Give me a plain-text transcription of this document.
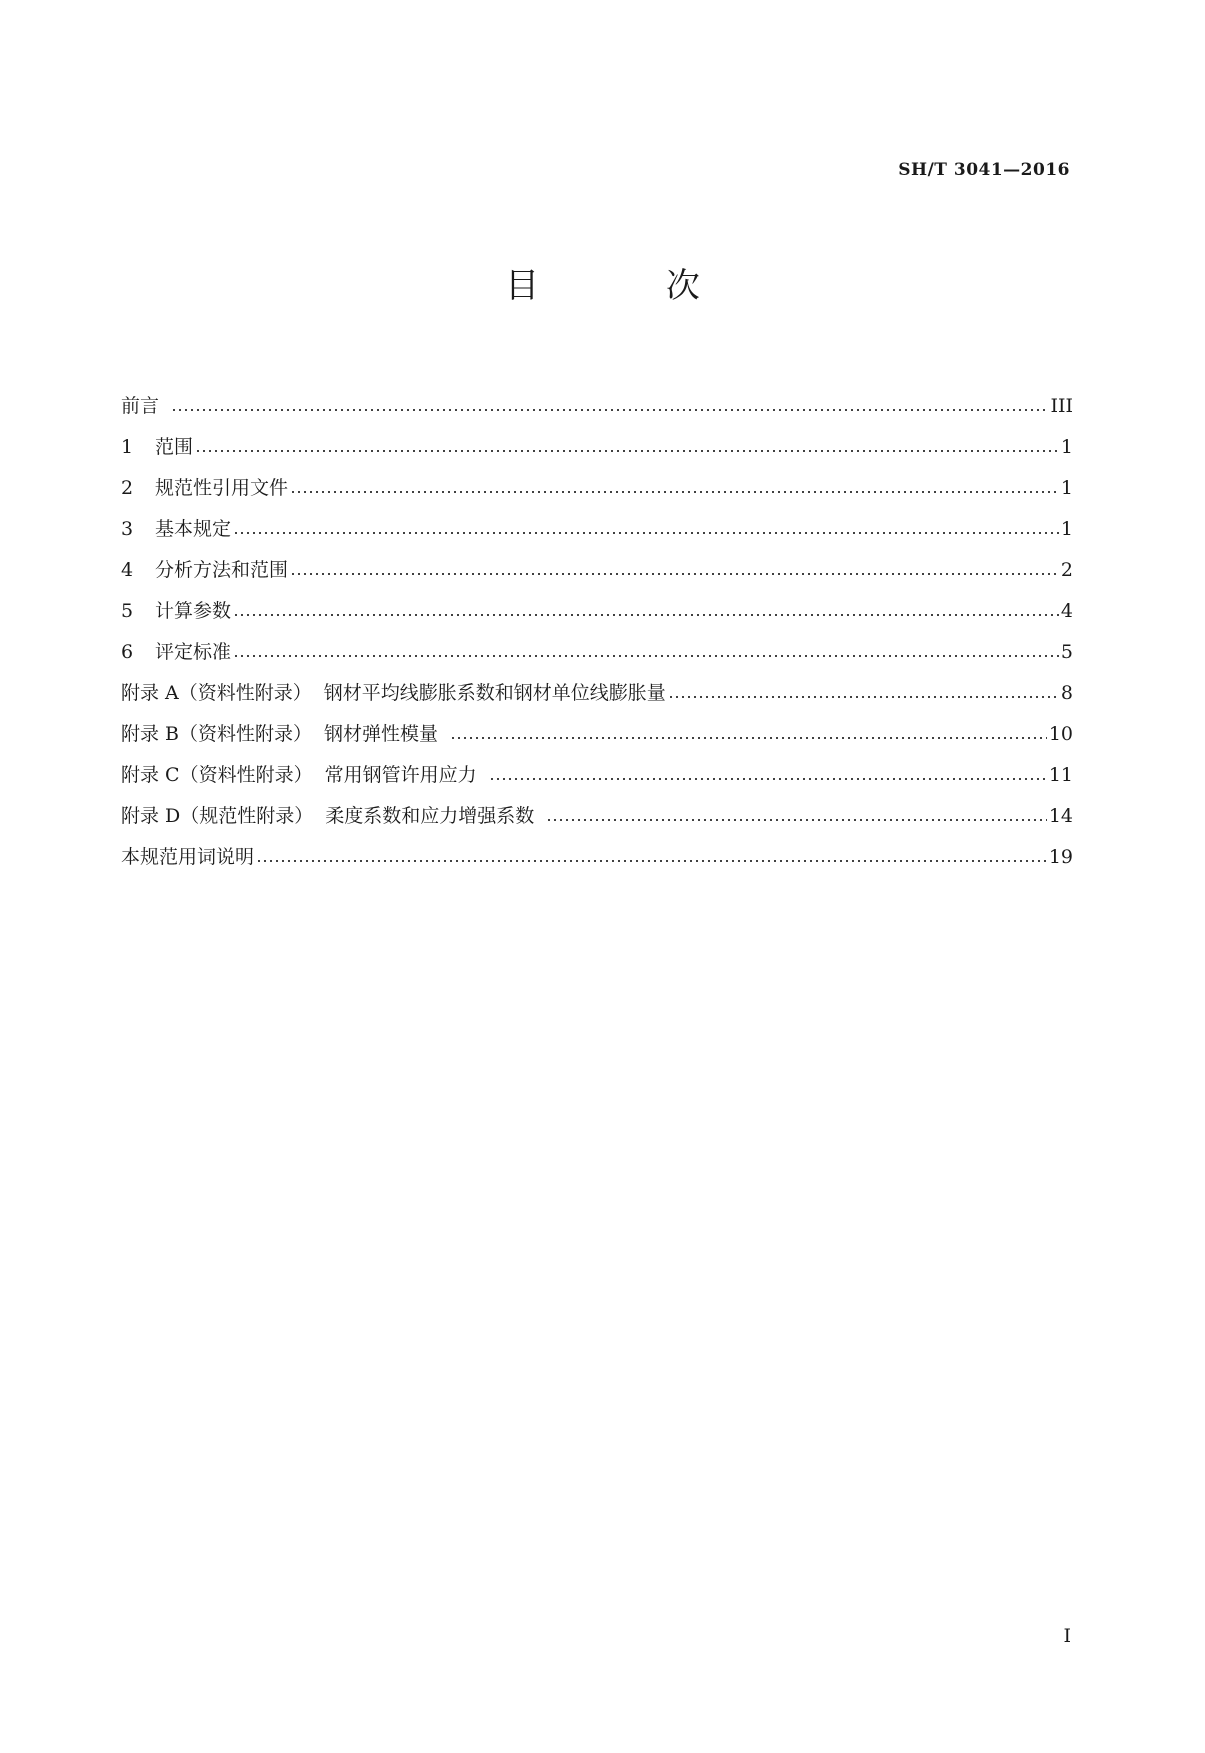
SH/T 3041—2016
目 次
前言	III
1	范围	1
2	规范性引用文件	1
3	基本规定	1
4	分析方法和范围	2
5	计算参数	4
6	评定标准	5
附录 A（资料性附录） 钢材平均线膨胀系数和钢材单位线膨胀量	8
附录 B（资料性附录） 钢材弹性模量	10
附录 C（资料性附录） 常用钢管许用应力	11
附录 D（规范性附录） 柔度系数和应力增强系数	14
本规范用词说明	19
I
